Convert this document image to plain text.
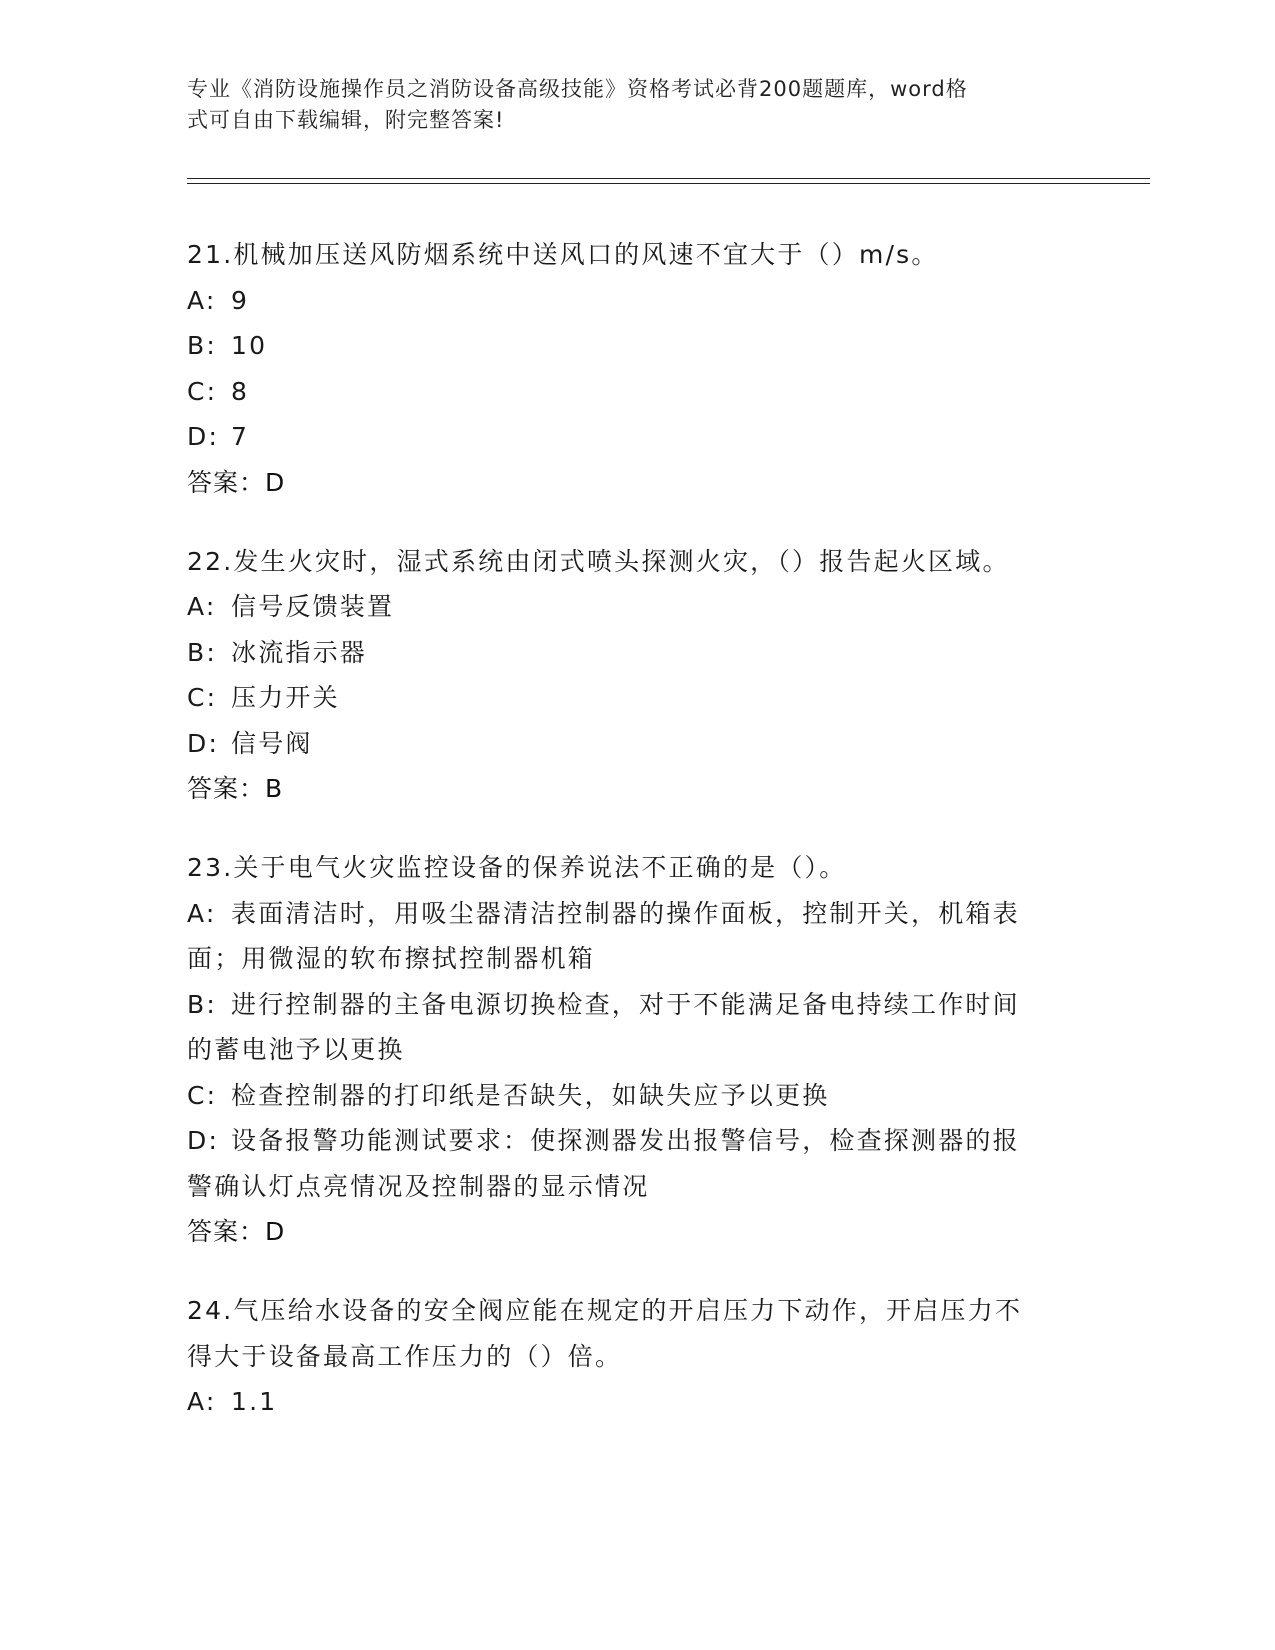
专业《消防设施操作员之消防设备高级技能》资格考试必背200题题库，word格
式可自由下载编辑，附完整答案!

21.机械加压送风防烟系统中送风口的风速不宜大于（）m/s。

A: 9
B: 10
C: 8
D: 7
答案：D

22.发生火灾时，湿式系统由闭式喷头探测火灾，（）报告起火区域。

A: 信号反馈装置
B: 冰流指示器
C: 压力开关
D: 信号阀
答案：B

23.关于电气火灾监控设备的保养说法不正确的是（）。

A: 表面清洁时，用吸尘器清洁控制器的操作面板，控制开关，机箱表
面；用微湿的软布擦拭控制器机箱
B: 进行控制器的主备电源切换检查，对于不能满足备电持续工作时间
的蓄电池予以更换
C: 检查控制器的打印纸是否缺失，如缺失应予以更换
D: 设备报警功能测试要求：使探测器发出报警信号，检查探测器的报
警确认灯点亮情况及控制器的显示情况
答案：D

24.气压给水设备的安全阀应能在规定的开启压力下动作，开启压力不

得大于设备最高工作压力的（）倍。

A: 1.1
